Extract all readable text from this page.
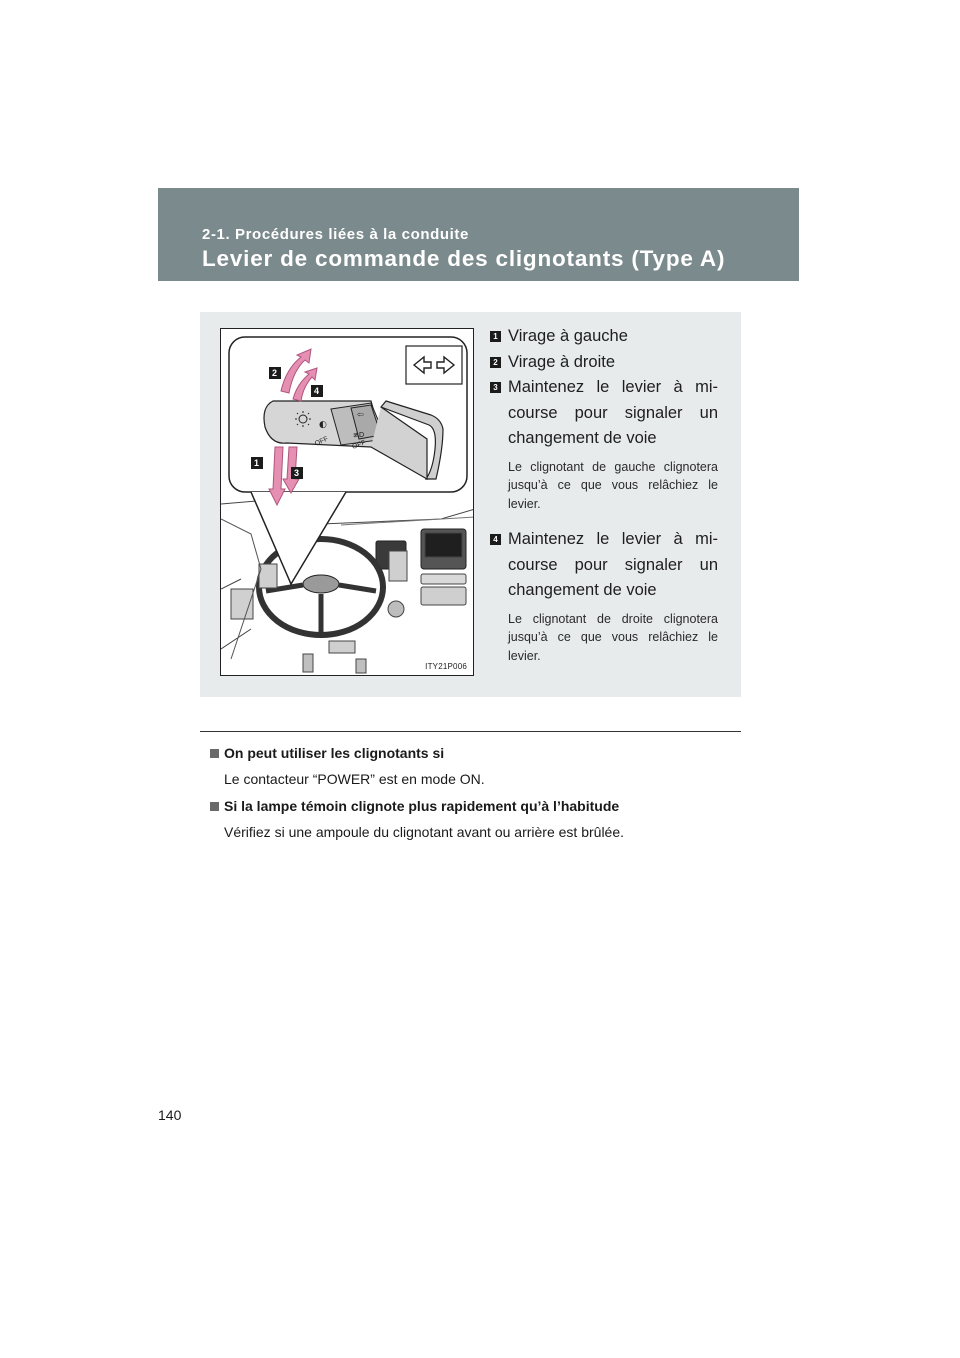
2-1. Procédures liées à la conduite
Levier de commande des clignotants (Type A)
◐
OFF
≢D
OFF
⇦
2
4
1
3
ITY21P006
1 Virage à gauche
2 Virage à droite
3 Maintenez le levier à mi-course pour signaler un changement de voie
Le clignotant de gauche clignotera jusqu’à ce que vous relâchiez le levier.
4 Maintenez le levier à mi-course pour signaler un changement de voie
Le clignotant de droite clignotera jusqu’à ce que vous relâchiez le levier.
On peut utiliser les clignotants si
Le contacteur “POWER” est en mode ON.
Si la lampe témoin clignote plus rapidement qu’à l’habitude
Vérifiez si une ampoule du clignotant avant ou arrière est brûlée.
140
